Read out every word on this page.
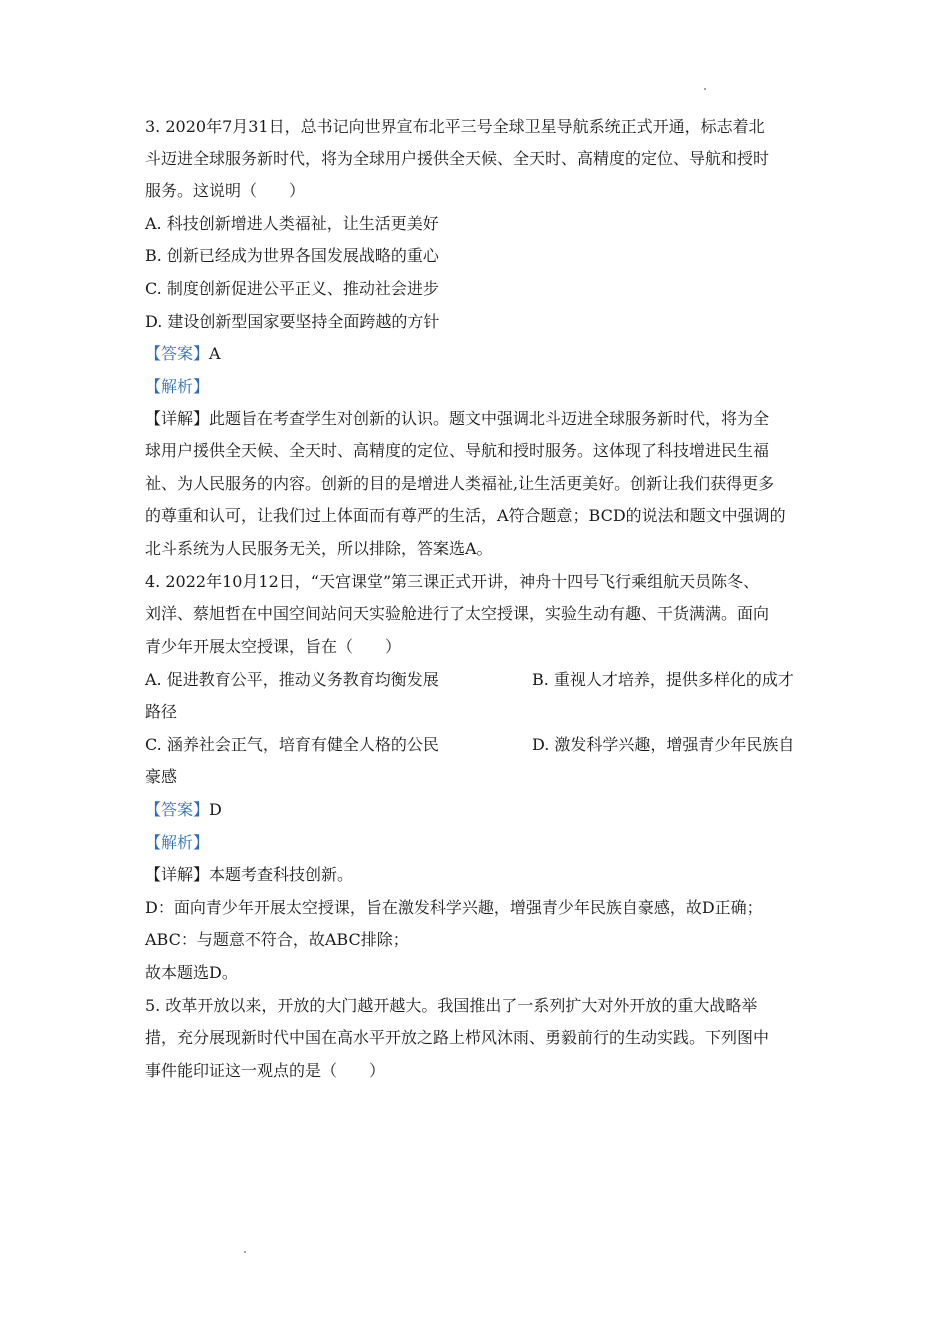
3. 2020年7月31日，总书记向世界宣布北平三号全球卫星导航系统正式开通，标志着北
斗迈进全球服务新时代，将为全球用户援供全天候、全天时、高精度的定位、导航和授时
服务。这说明（　　）
A. 科技创新增进人类福祉，让生活更美好
B. 创新已经成为世界各国发展战略的重心
C. 制度创新促进公平正义、推动社会进步
D. 建设创新型国家要坚持全面跨越的方针
【答案】A
【解析】
【详解】此题旨在考查学生对创新的认识。题文中强调北斗迈进全球服务新时代，将为全
球用户援供全天候、全天时、高精度的定位、导航和授时服务。这体现了科技增进民生福
祉、为人民服务的内容。创新的目的是增进人类福祉,让生活更美好。创新让我们获得更多
的尊重和认可，让我们过上体面而有尊严的生活，A符合题意；BCD的说法和题文中强调的
北斗系统为人民服务无关，所以排除，答案选A。
4. 2022年10月12日，“天宫课堂”第三课正式开讲，神舟十四号飞行乘组航天员陈冬、
刘洋、蔡旭哲在中国空间站问天实验舱进行了太空授课，实验生动有趣、干货满满。面向
青少年开展太空授课，旨在（　　）
A. 促进教育公平，推动义务教育均衡发展	B. 重视人才培养，提供多样化的成才
路径
C. 涵养社会正气，培育有健全人格的公民	D. 激发科学兴趣，增强青少年民族自
豪感
【答案】D
【解析】
【详解】本题考查科技创新。
D：面向青少年开展太空授课，旨在激发科学兴趣，增强青少年民族自豪感，故D正确；
ABC：与题意不符合，故ABC排除；
故本题选D。
5. 改革开放以来，开放的大门越开越大。我国推出了一系列扩大对外开放的重大战略举
措，充分展现新时代中国在高水平开放之路上栉风沐雨、勇毅前行的生动实践。下列图中
事件能印证这一观点的是（　　）
